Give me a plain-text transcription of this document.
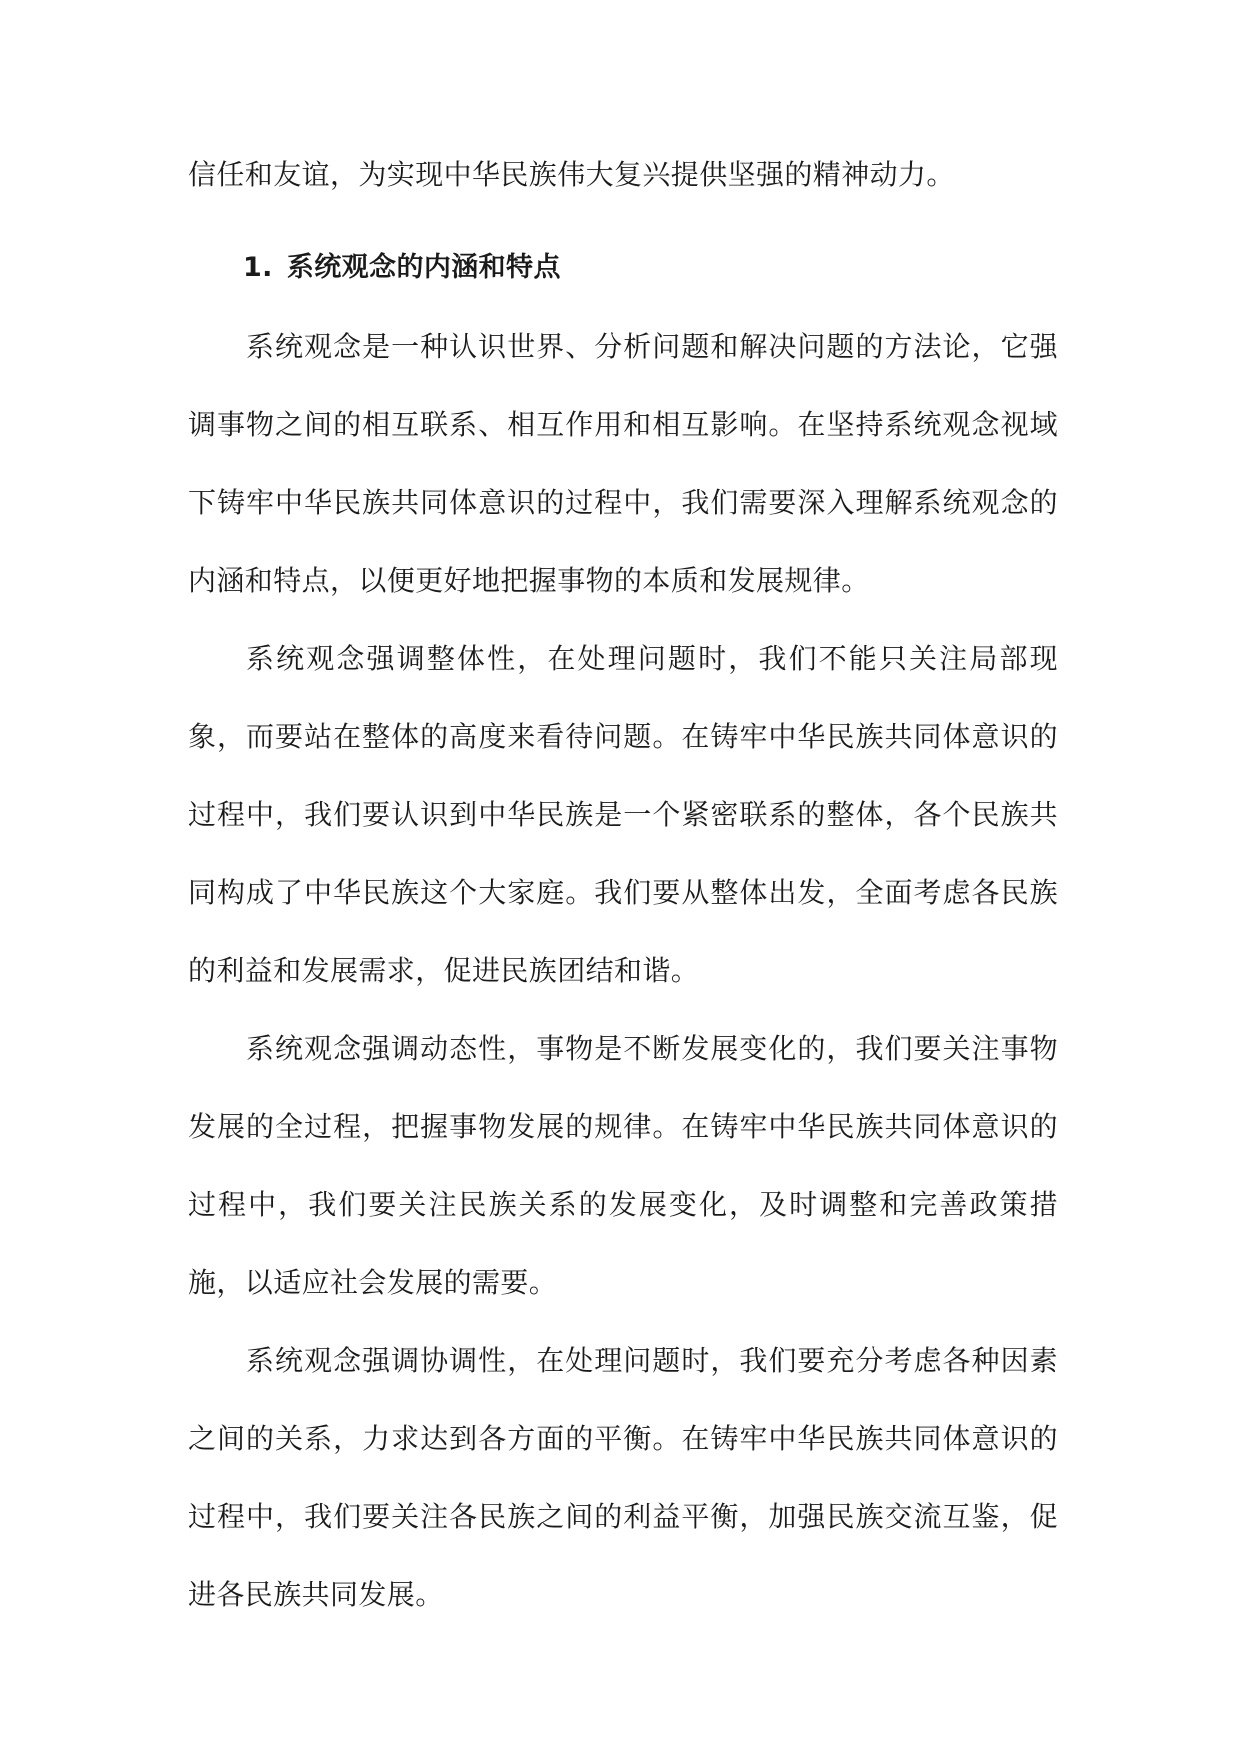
信任和友谊，为实现中华民族伟大复兴提供坚强的精神动力。

1. 系统观念的内涵和特点

系统观念是一种认识世界、分析问题和解决问题的方法论，它强调事物之间的相互联系、相互作用和相互影响。在坚持系统观念视域下铸牢中华民族共同体意识的过程中，我们需要深入理解系统观念的内涵和特点，以便更好地把握事物的本质和发展规律。

系统观念强调整体性，在处理问题时，我们不能只关注局部现象，而要站在整体的高度来看待问题。在铸牢中华民族共同体意识的过程中，我们要认识到中华民族是一个紧密联系的整体，各个民族共同构成了中华民族这个大家庭。我们要从整体出发，全面考虑各民族的利益和发展需求，促进民族团结和谐。

系统观念强调动态性，事物是不断发展变化的，我们要关注事物发展的全过程，把握事物发展的规律。在铸牢中华民族共同体意识的过程中，我们要关注民族关系的发展变化，及时调整和完善政策措施，以适应社会发展的需要。

系统观念强调协调性，在处理问题时，我们要充分考虑各种因素之间的关系，力求达到各方面的平衡。在铸牢中华民族共同体意识的过程中，我们要关注各民族之间的利益平衡，加强民族交流互鉴，促进各民族共同发展。
